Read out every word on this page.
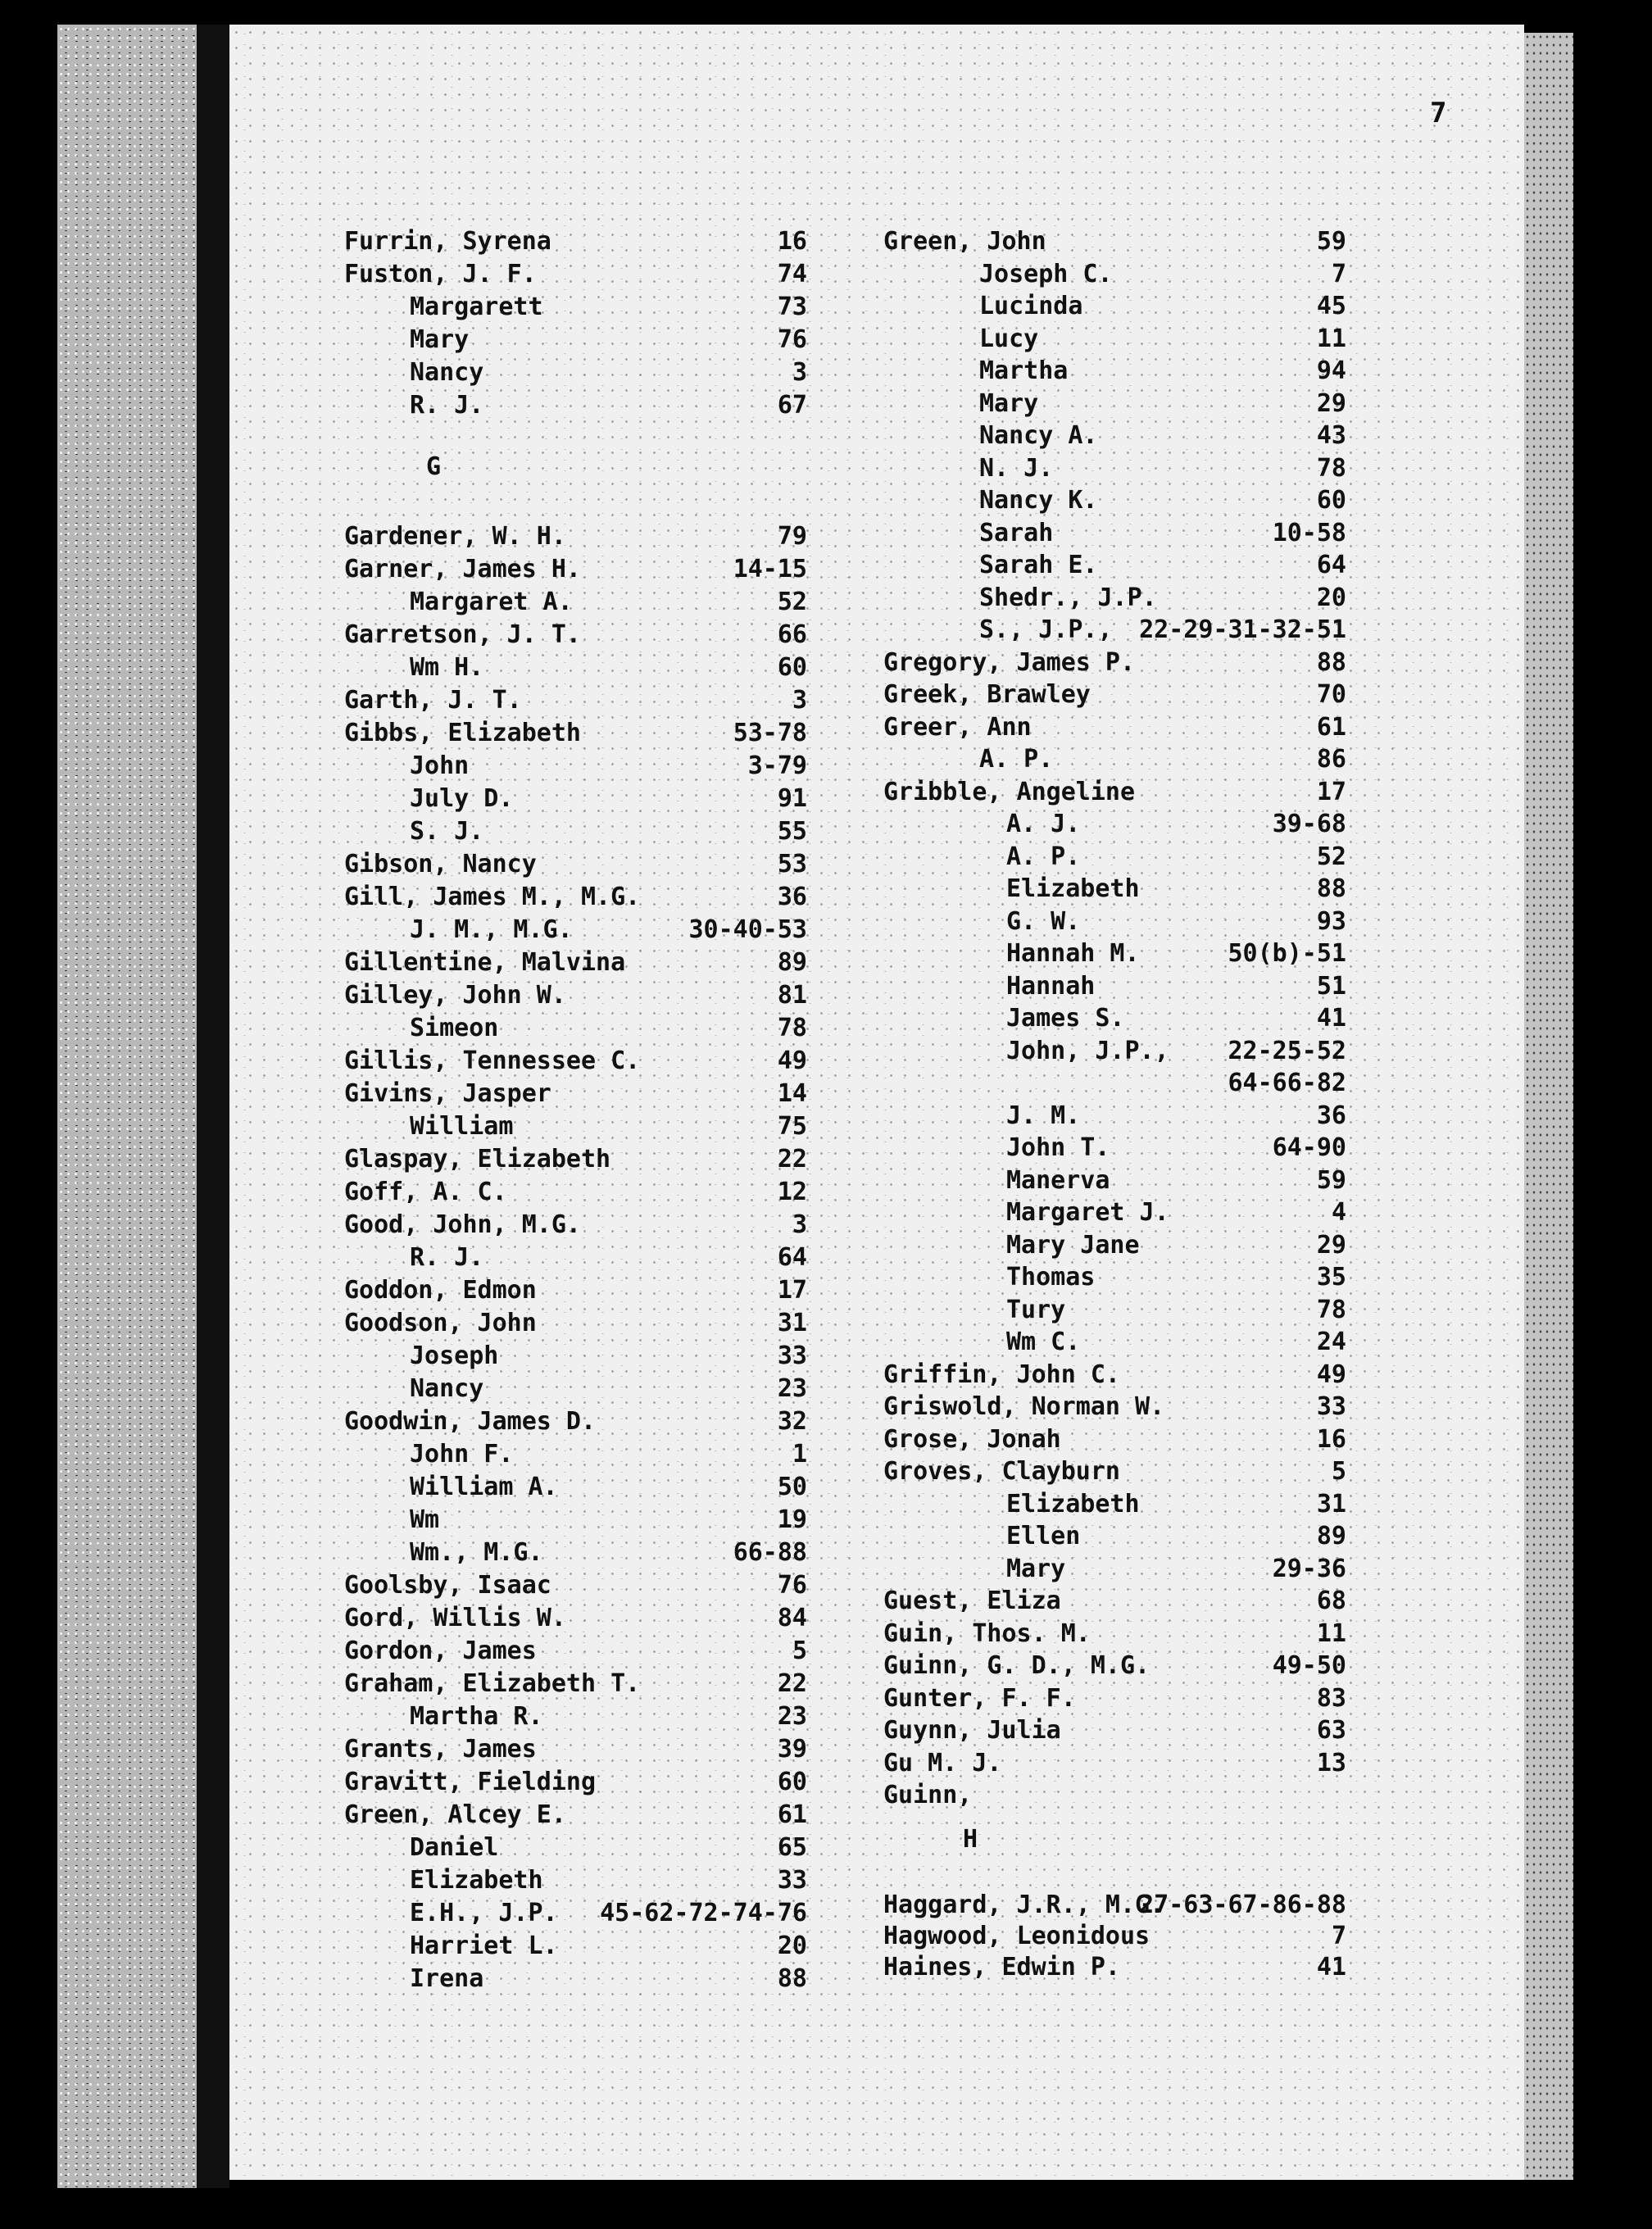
7
Furrin, Syrena	16
Fuston, J. F.	74
Margarett	73
Mary	76
Nancy	3
R. J.	67
Gardener, W. H.	79
Garner, James H.	14-15
Margaret A.	52
Garretson, J. T.	66
Wm H.	60
Garth, J. T.	3
Gibbs, Elizabeth	53-78
John	3-79
July D.	91
S. J.	55
Gibson, Nancy	53
Gill, James M., M.G.	36
J. M., M.G.	30-40-53
Gillentine, Malvina	89
Gilley, John W.	81
Simeon	78
Gillis, Tennessee C.	49
Givins, Jasper	14
William	75
Glaspay, Elizabeth	22
Goff, A. C.	12
Good, John, M.G.	3
R. J.	64
Goddon, Edmon	17
Goodson, John	31
Joseph	33
Nancy	23
Goodwin, James D.	32
John F.	1
William A.	50
Wm	19
Wm., M.G.	66-88
Goolsby, Isaac	76
Gord, Willis W.	84
Gordon, James	5
Graham, Elizabeth T.	22
Martha R.	23
Grants, James	39
Gravitt, Fielding	60
Green, Alcey E.	61
Daniel	65
Elizabeth	33
E.H., J.P. 45-62-72-74-76
Harriet L.	20
Irena	88
Green, John	59
Joseph C.	7
Lucinda	45
Lucy	11
Martha	94
Mary	29
Nancy A.	43
N. J.	78
Nancy K.	60
Sarah	10-58
Sarah E.	64
Shedr., J.P.	20
S., J.P., 22-29-31-32-51
Gregory, James P.	88
Greek, Brawley	70
Greer, Ann	61
A. P.	86
Gribble, Angeline	17
A. J.	39-68
A. P.	52
Elizabeth	88
G. W.	93
Hannah M.	50(b)-51
Hannah	51
James S.	41
John, J.P., 22-25-52
64-66-82
J. M.	36
John T.	64-90
Manerva	59
Margaret J.	4
Mary Jane	29
Thomas	35
Tury	78
Wm C.	24
Griffin, John C.	49
Griswold, Norman W.	33
Grose, Jonah	16
Groves, Clayburn	5
Elizabeth	31
Ellen	89
Mary	29-36
Guest, Eliza	68
Guin, Thos. M.	11
Guinn, G. D., M.G.	49-50
Gunter, F. F.	83
Guynn, Julia	63
Gu M. J.	13
Guinn,
Haggard, J.R., M.G.
27-63-67-86-88
Hagwood, Leonidous	7
Haines, Edwin P.	41
G
H
